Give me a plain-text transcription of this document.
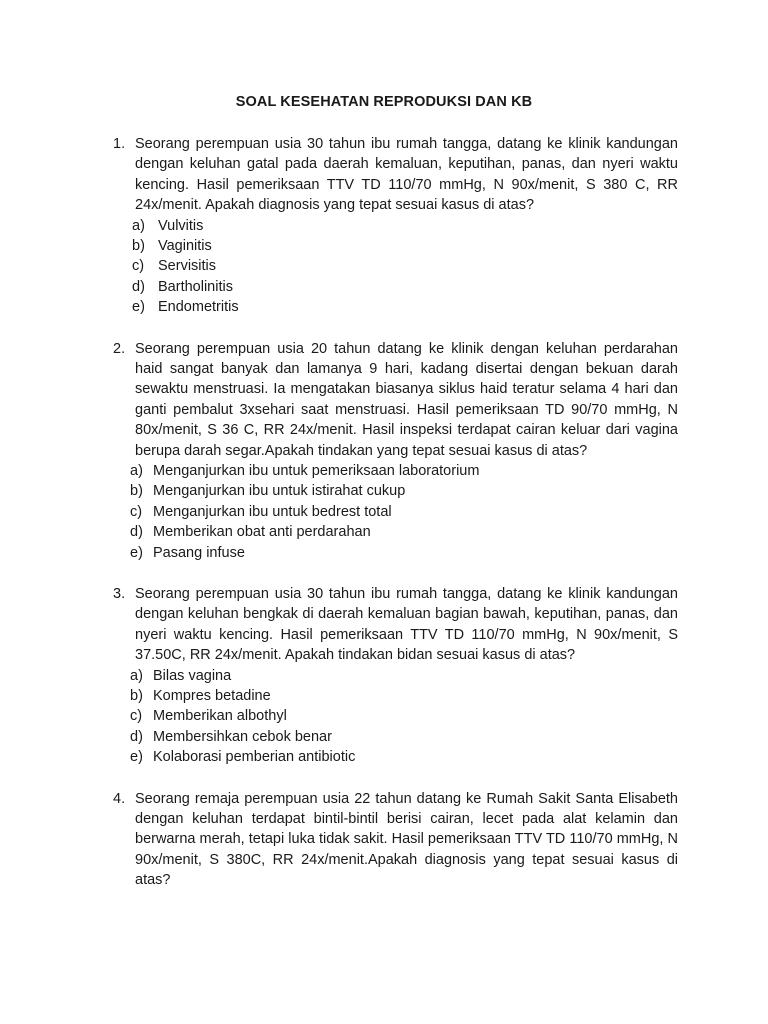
SOAL KESEHATAN REPRODUKSI DAN KB
1. Seorang perempuan usia 30 tahun ibu rumah tangga, datang ke klinik kandungan dengan keluhan gatal pada daerah kemaluan, keputihan, panas, dan nyeri waktu kencing. Hasil pemeriksaan TTV TD 110/70 mmHg, N 90x/menit, S 380 C, RR 24x/menit. Apakah diagnosis yang tepat sesuai kasus di atas?
a) Vulvitis
b) Vaginitis
c) Servisitis
d) Bartholinitis
e) Endometritis
2. Seorang perempuan usia 20 tahun datang ke klinik dengan keluhan perdarahan haid sangat banyak dan lamanya 9 hari, kadang disertai dengan bekuan darah sewaktu menstruasi. Ia mengatakan biasanya siklus haid teratur selama 4 hari dan ganti pembalut 3xsehari saat menstruasi. Hasil pemeriksaan TD 90/70 mmHg, N 80x/menit, S 36 C, RR 24x/menit. Hasil inspeksi terdapat cairan keluar dari vagina berupa darah segar.Apakah tindakan yang tepat sesuai kasus di atas?
a) Menganjurkan ibu untuk pemeriksaan laboratorium
b) Menganjurkan ibu untuk istirahat cukup
c) Menganjurkan ibu untuk bedrest total
d) Memberikan obat anti perdarahan
e) Pasang infuse
3. Seorang perempuan usia 30 tahun ibu rumah tangga, datang ke klinik kandungan dengan keluhan bengkak di daerah kemaluan bagian bawah, keputihan, panas, dan nyeri waktu kencing. Hasil pemeriksaan TTV TD 110/70 mmHg, N 90x/menit, S 37.50C, RR 24x/menit. Apakah tindakan bidan sesuai kasus di atas?
a) Bilas vagina
b) Kompres betadine
c) Memberikan albothyl
d) Membersihkan cebok benar
e) Kolaborasi pemberian antibiotic
4. Seorang remaja perempuan usia 22 tahun datang ke Rumah Sakit Santa Elisabeth dengan keluhan terdapat bintil-bintil berisi cairan, lecet pada alat kelamin dan berwarna merah, tetapi luka tidak sakit. Hasil pemeriksaan TTV TD 110/70 mmHg, N 90x/menit, S 380C, RR 24x/menit.Apakah diagnosis yang tepat sesuai kasus di atas?
